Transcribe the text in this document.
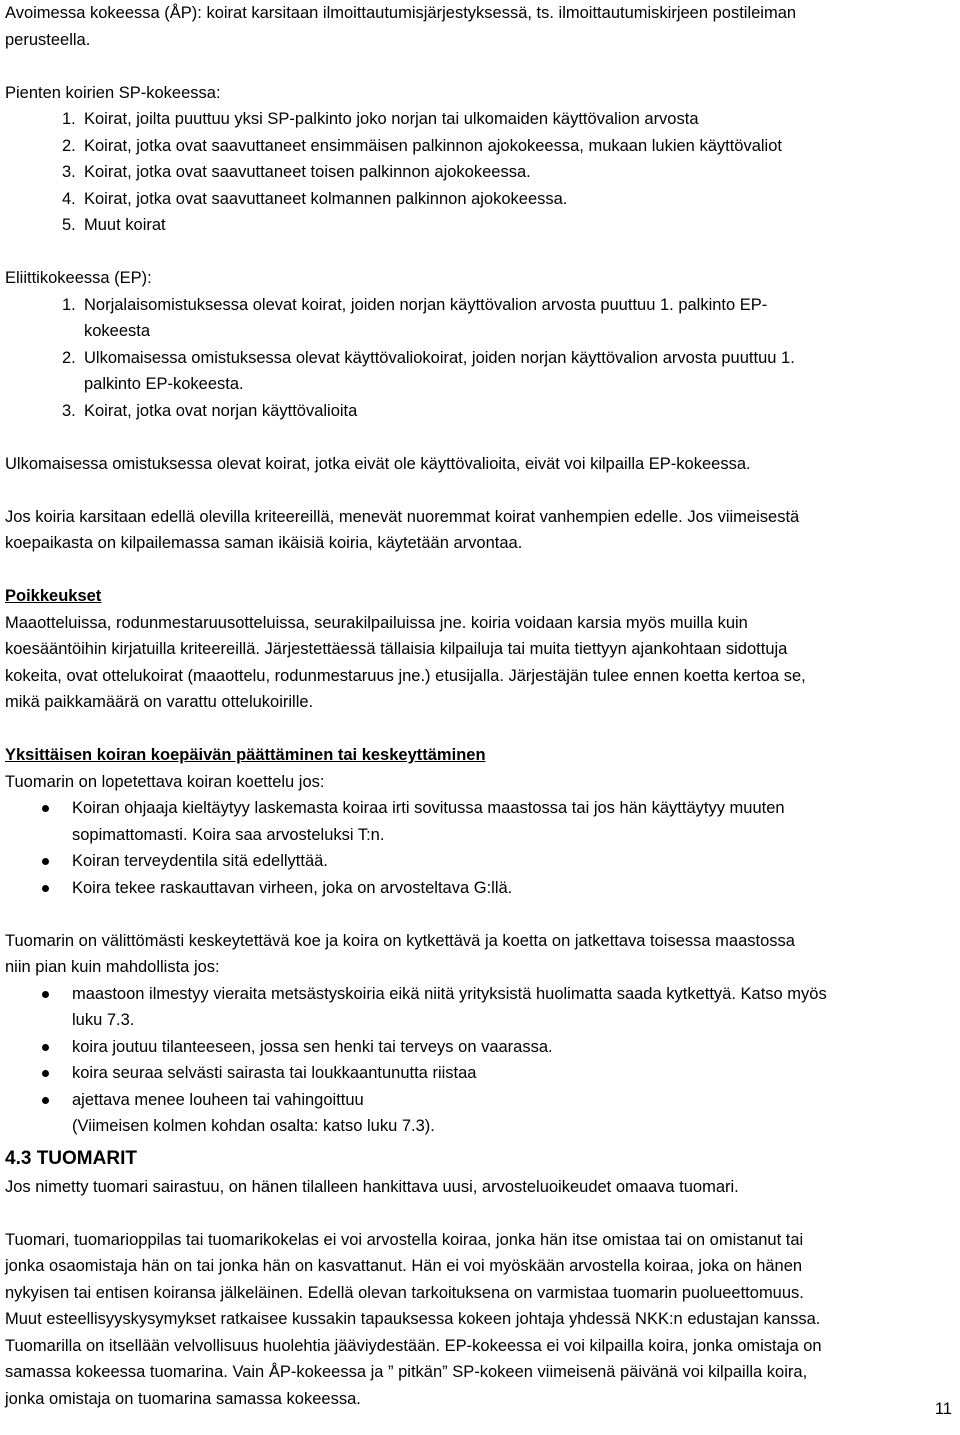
Avoimessa kokeessa (ÅP): koirat karsitaan ilmoittautumisjärjestyksessä, ts. ilmoittautumiskirjeen postileiman

perusteella.

Pienten koirien SP-kokeessa:

1. Koirat, joilta puuttuu yksi SP-palkinto joko norjan tai ulkomaiden käyttövalion arvosta
2. Koirat, jotka ovat saavuttaneet ensimmäisen palkinnon ajokokeessa, mukaan lukien käyttövaliot
3. Koirat, jotka ovat saavuttaneet toisen palkinnon ajokokeessa.
4. Koirat, jotka ovat saavuttaneet kolmannen palkinnon ajokokeessa.
5. Muut koirat

Eliittikokeessa (EP):

1. Norjalaisomistuksessa olevat koirat, joiden norjan käyttövalion arvosta puuttuu 1. palkinto EP-
kokeesta
2. Ulkomaisessa omistuksessa olevat käyttövaliokoirat, joiden norjan käyttövalion arvosta puuttuu 1.
palkinto EP-kokeesta.
3. Koirat, jotka ovat norjan käyttövalioita

Ulkomaisessa omistuksessa olevat koirat, jotka eivät ole käyttövalioita, eivät voi kilpailla EP-kokeessa.

Jos koiria karsitaan edellä olevilla kriteereillä, menevät nuoremmat koirat vanhempien edelle. Jos viimeisestä

koepaikasta on kilpailemassa saman ikäisiä koiria, käytetään arvontaa.

Poikkeukset

Maaotteluissa, rodunmestaruusotteluissa, seurakilpailuissa jne. koiria voidaan karsia myös muilla kuin

koesääntöihin kirjatuilla kriteereillä. Järjestettäessä tällaisia kilpailuja tai muita tiettyyn ajankohtaan sidottuja

kokeita, ovat ottelukoirat (maaottelu, rodunmestaruus jne.) etusijalla. Järjestäjän tulee ennen koetta kertoa se,

mikä paikkamäärä on varattu ottelukoirille.

Yksittäisen koiran koepäivän päättäminen tai keskeyttäminen

Tuomarin on lopetettava koiran koettelu jos:

Koiran ohjaaja kieltäytyy laskemasta koiraa irti sovitussa maastossa tai jos hän käyttäytyy muuten
sopimattomasti. Koira saa arvosteluksi T:n.
Koiran terveydentila sitä edellyttää.
Koira tekee raskauttavan virheen, joka on arvosteltava G:llä.

Tuomarin on välittömästi keskeytettävä koe ja koira on kytkettävä ja koetta on jatkettava toisessa maastossa

niin pian kuin mahdollista jos:

maastoon ilmestyy vieraita metsästyskoiria eikä niitä yrityksistä huolimatta saada kytkettyä. Katso myös
luku 7.3.
koira joutuu tilanteeseen, jossa sen henki tai terveys on vaarassa.
koira seuraa selvästi sairasta tai loukkaantunutta riistaa
ajettava menee louheen tai vahingoittuu

(Viimeisen kolmen kohdan osalta: katso luku 7.3).

4.3 TUOMARIT

Jos nimetty tuomari sairastuu, on hänen tilalleen hankittava uusi, arvosteluoikeudet omaava tuomari.

Tuomari, tuomarioppilas tai tuomarikokelas ei voi arvostella koiraa, jonka hän itse omistaa tai on omistanut tai

jonka osaomistaja hän on tai jonka hän on kasvattanut. Hän ei voi myöskään arvostella koiraa, joka on hänen

nykyisen tai entisen koiransa jälkeläinen. Edellä olevan tarkoituksena on varmistaa tuomarin puolueettomuus.

Muut esteellisyyskysymykset ratkaisee kussakin tapauksessa kokeen johtaja yhdessä NKK:n edustajan kanssa.

Tuomarilla on itsellään velvollisuus huolehtia jääviydestään. EP-kokeessa ei voi kilpailla koira, jonka omistaja on

samassa kokeessa tuomarina. Vain ÅP-kokeessa ja ” pitkän” SP-kokeen viimeisenä päivänä voi kilpailla koira,

jonka omistaja on tuomarina samassa kokeessa.

11
